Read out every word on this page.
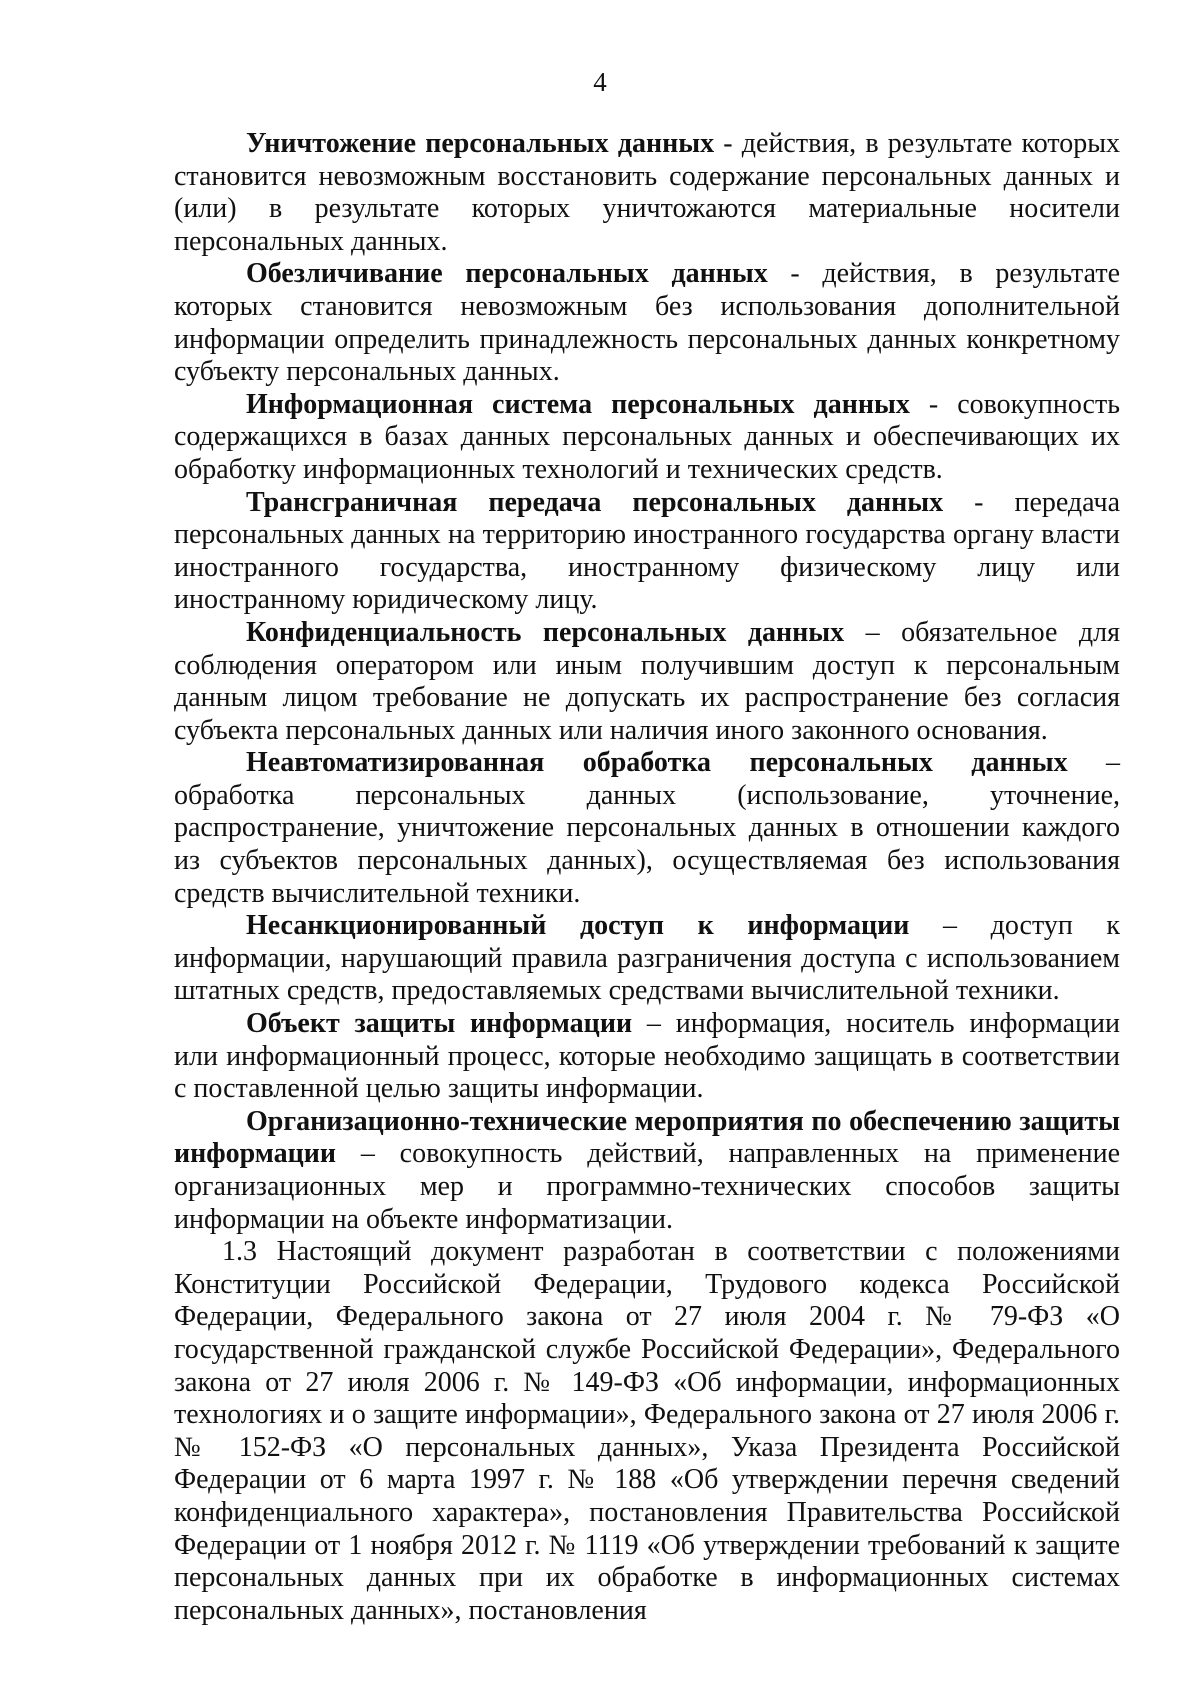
4

Уничтожение персональных данных - действия, в результате которых становится невозможным восстановить содержание персональных данных и (или) в результате которых уничтожаются материальные носители персональных данных.

Обезличивание персональных данных - действия, в результате которых становится невозможным без использования дополнительной информации определить принадлежность персональных данных конкретному субъекту персональных данных.

Информационная система персональных данных - совокупность содержащихся в базах данных персональных данных и обеспечивающих их обработку информационных технологий и технических средств.

Трансграничная передача персональных данных - передача персональных данных на территорию иностранного государства органу власти иностранного государства, иностранному физическому лицу или иностранному юридическому лицу.

Конфиденциальность персональных данных – обязательное для соблюдения оператором или иным получившим доступ к персональным данным лицом требование не допускать их распространение без согласия субъекта персональных данных или наличия иного законного основания.

Неавтоматизированная обработка персональных данных – обработка персональных данных (использование, уточнение, распространение, уничтожение персональных данных в отношении каждого из субъектов персональных данных), осуществляемая без использования средств вычислительной техники.

Несанкционированный доступ к информации – доступ к информации, нарушающий правила разграничения доступа с использованием штатных средств, предоставляемых средствами вычислительной техники.

Объект защиты информации – информация, носитель информации или информационный процесс, которые необходимо защищать в соответствии с поставленной целью защиты информации.

Организационно-технические мероприятия по обеспечению защиты информации – совокупность действий, направленных на применение организационных мер и программно-технических способов защиты информации на объекте информатизации.

1.3 Настоящий документ разработан в соответствии с положениями Конституции Российской Федерации, Трудового кодекса Российской Федерации, Федерального закона от 27 июля 2004 г. № 79-ФЗ «О государственной гражданской службе Российской Федерации», Федерального закона от 27 июля 2006 г. № 149-ФЗ «Об информации, информационных технологиях и о защите информации», Федерального закона от 27 июля 2006 г. № 152-ФЗ «О персональных данных», Указа Президента Российской Федерации от 6 марта 1997 г. № 188 «Об утверждении перечня сведений конфиденциального характера», постановления Правительства Российской Федерации от 1 ноября 2012 г. № 1119 «Об утверждении требований к защите персональных данных при их обработке в информационных системах персональных данных», постановления
